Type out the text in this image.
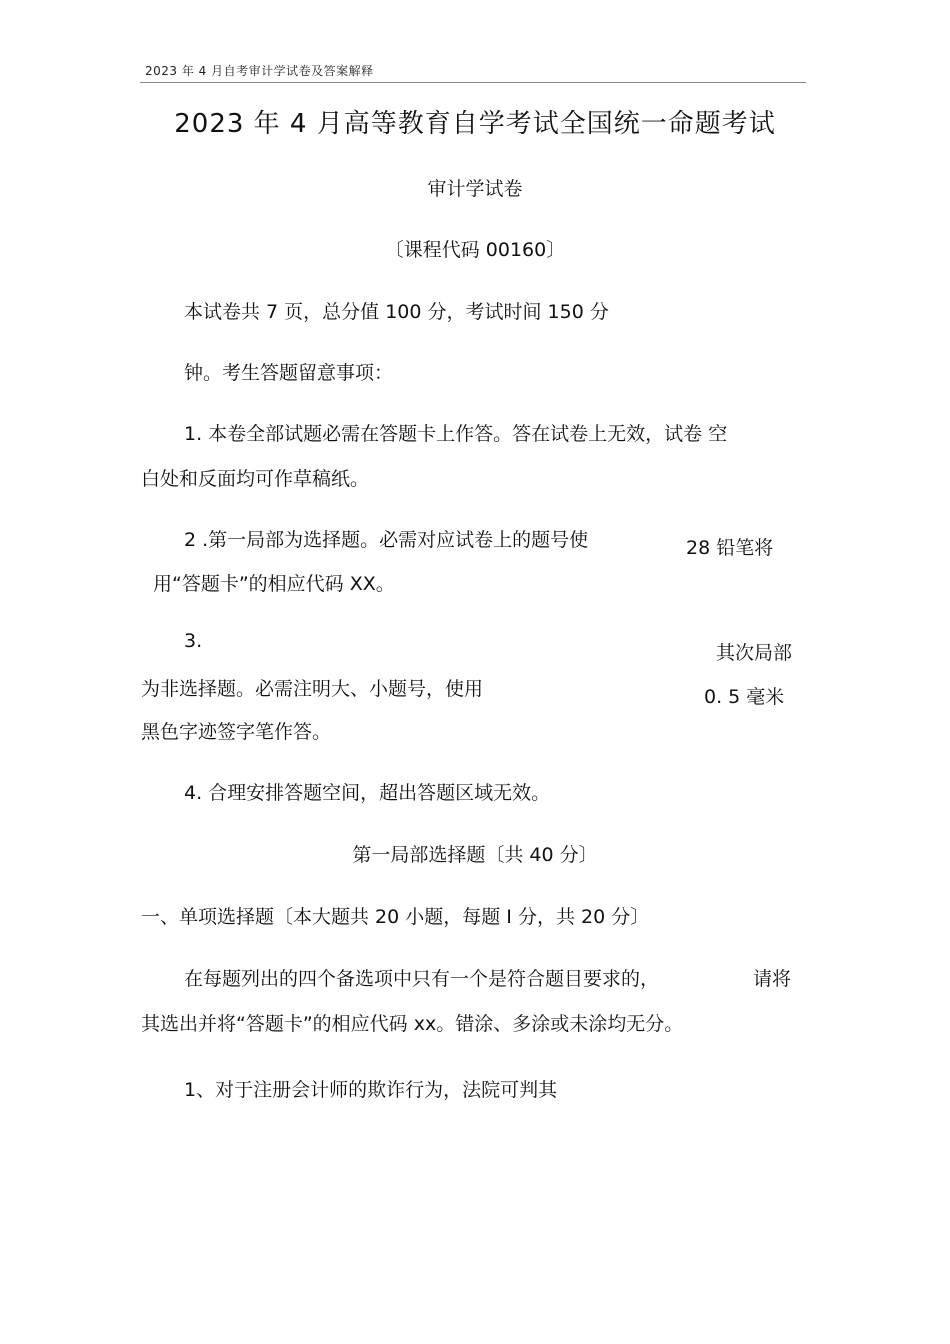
2023 年 4 月自考审计学试卷及答案解释
2023 年 4 月高等教育自学考试全国统一命题考试
审计学试卷
〔课程代码 00160〕
本试卷共 7 页，总分值 100 分，考试时间 150 分
钟。考生答题留意事项：
1. 本卷全部试题必需在答题卡上作答。答在试卷上无效，试卷 空
白处和反面均可作草稿纸。
2 .第一局部为选择题。必需对应试卷上的题号使	28 铅笔将
用“答题卡”的相应代码 XX。
3.
其次局部
为非选择题。必需注明大、小题号，使用	0. 5 毫米
黑色字迹签字笔作答。
4. 合理安排答题空间，超出答题区域无效。
第一局部选择题〔共 40 分〕
一、单项选择题〔本大题共 20 小题，每题 I 分，共 20 分〕
在每题列出的四个备选项中只有一个是符合题目要求的，	请将
其选出并将“答题卡”的相应代码 xx。错涂、多涂或未涂均无分。
1、对于注册会计师的欺诈行为，法院可判其
